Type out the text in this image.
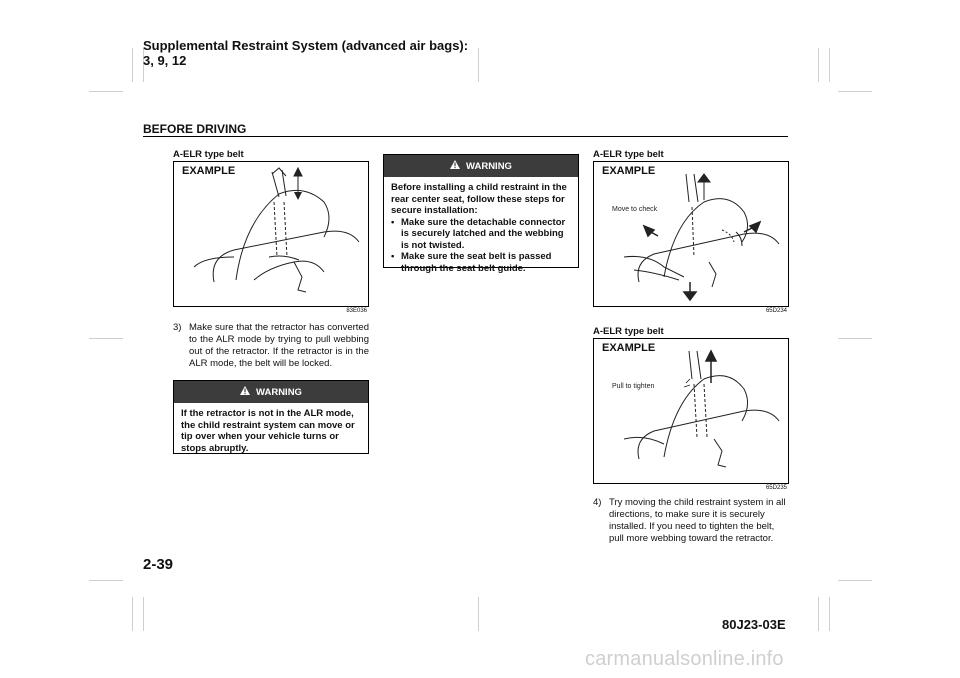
Supplemental Restraint System (advanced air bags):
3, 9, 12
BEFORE DRIVING
A-ELR type belt
EXAMPLE
83E036
3) Make sure that the retractor has converted to the ALR mode by trying to pull webbing out of the retractor. If the retractor is in the ALR mode, the belt will be locked.
WARNING
If the retractor is not in the ALR mode, the child restraint system can move or tip over when your vehicle turns or stops abruptly.
WARNING
Before installing a child restraint in the rear center seat, follow these steps for secure installation:
• Make sure the detachable connector is securely latched and the webbing is not twisted.
• Make sure the seat belt is passed through the seat belt guide.
A-ELR type belt
EXAMPLE
Move to check
65D234
A-ELR type belt
EXAMPLE
Pull to tighten
65D235
4) Try moving the child restraint system in all directions, to make sure it is securely installed. If you need to tighten the belt, pull more webbing toward the retractor.
2-39
80J23-03E
carmanualsonline.info
